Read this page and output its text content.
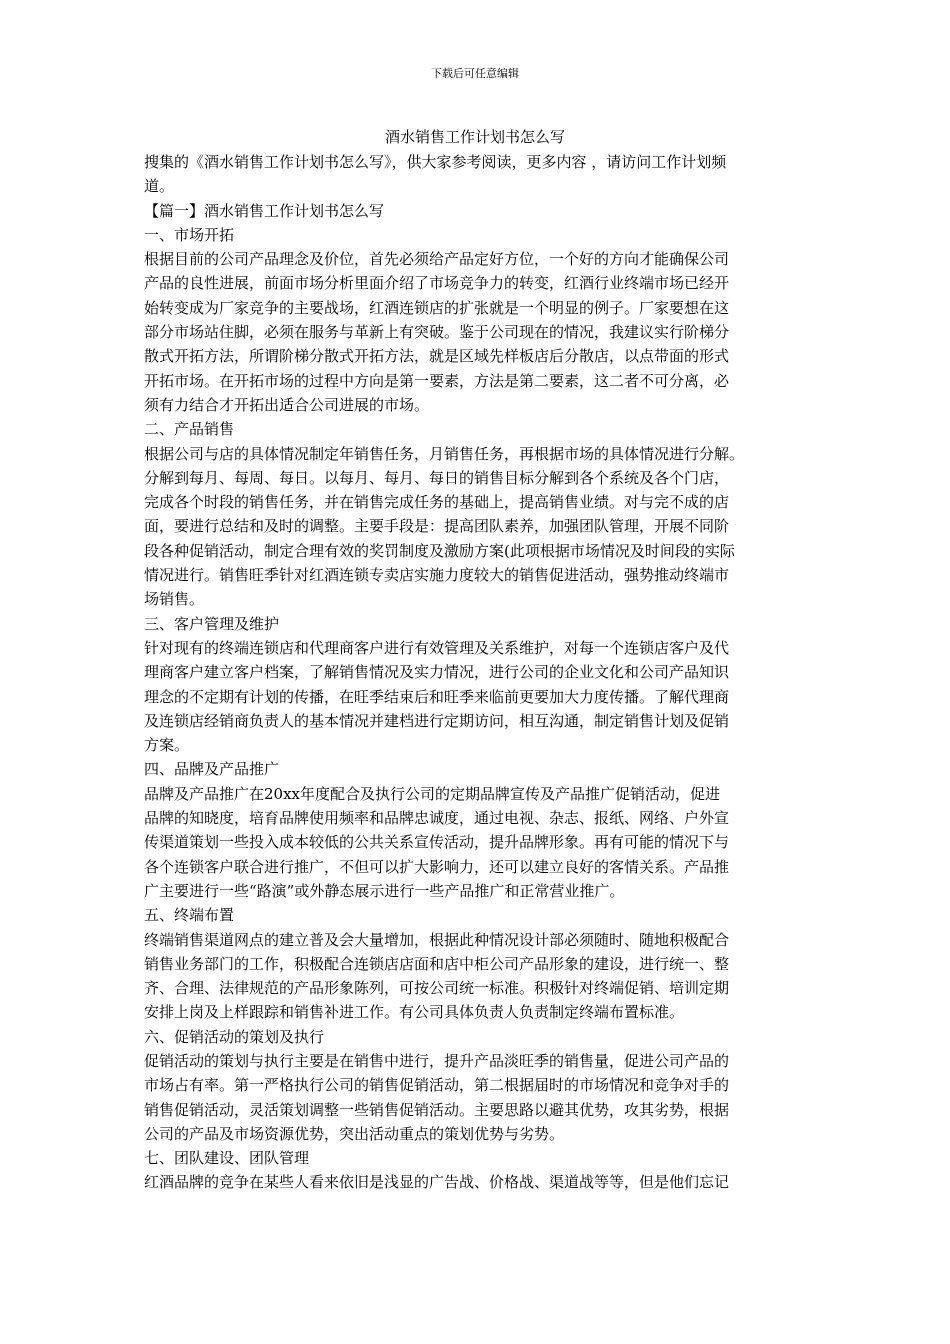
下载后可任意编辑
酒水销售工作计划书怎么写
搜集的《酒水销售工作计划书怎么写》，供大家参考阅读，更多内容 ，请访问工作计划频
道。
【篇一】酒水销售工作计划书怎么写
一、市场开拓
根据目前的公司产品理念及价位，首先必须给产品定好方位，一个好的方向才能确保公司
产品的良性进展，前面市场分析里面介绍了市场竞争力的转变，红酒行业终端市场已经开
始转变成为厂家竞争的主要战场，红酒连锁店的扩张就是一个明显的例子。厂家要想在这
部分市场站住脚，必须在服务与革新上有突破。鉴于公司现在的情况，我建议实行阶梯分
散式开拓方法，所谓阶梯分散式开拓方法，就是区域先样板店后分散店，以点带面的形式
开拓市场。在开拓市场的过程中方向是第一要素，方法是第二要素，这二者不可分离，必
须有力结合才开拓出适合公司进展的市场。
二、产品销售
根据公司与店的具体情况制定年销售任务，月销售任务，再根据市场的具体情况进行分解。
分解到每月、每周、每日。以每月、每月、每日的销售目标分解到各个系统及各个门店，
完成各个时段的销售任务，并在销售完成任务的基础上，提高销售业绩。对与完不成的店
面，要进行总结和及时的调整。主要手段是：提高团队素养，加强团队管理，开展不同阶
段各种促销活动，制定合理有效的奖罚制度及激励方案(此项根据市场情况及时间段的实际
情况进行。销售旺季针对红酒连锁专卖店实施力度较大的销售促进活动，强势推动终端市
场销售。
三、客户管理及维护
针对现有的终端连锁店和代理商客户进行有效管理及关系维护，对每一个连锁店客户及代
理商客户建立客户档案，了解销售情况及实力情况，进行公司的企业文化和公司产品知识
理念的不定期有计划的传播，在旺季结束后和旺季来临前更要加大力度传播。了解代理商
及连锁店经销商负责人的基本情况并建档进行定期访问，相互沟通，制定销售计划及促销
方案。
四、品牌及产品推广
品牌及产品推广在20xx年度配合及执行公司的定期品牌宣传及产品推广促销活动，促进
品牌的知晓度，培育品牌使用频率和品牌忠诚度，通过电视、杂志、报纸、网络、户外宣
传渠道策划一些投入成本较低的公共关系宣传活动，提升品牌形象。再有可能的情况下与
各个连锁客户联合进行推广，不但可以扩大影响力，还可以建立良好的客情关系。产品推
广主要进行一些“路演”或外静态展示进行一些产品推广和正常营业推广。
五、终端布置
终端销售渠道网点的建立普及会大量增加，根据此种情况设计部必须随时、随地积极配合
销售业务部门的工作，积极配合连锁店店面和店中柜公司产品形象的建设，进行统一、整
齐、合理、法律规范的产品形象陈列，可按公司统一标准。积极针对终端促销、培训定期
安排上岗及上样跟踪和销售补进工作。有公司具体负责人负责制定终端布置标准。
六、促销活动的策划及执行
促销活动的策划与执行主要是在销售中进行，提升产品淡旺季的销售量，促进公司产品的
市场占有率。第一严格执行公司的销售促销活动，第二根据届时的市场情况和竞争对手的
销售促销活动，灵活策划调整一些销售促销活动。主要思路以避其优势，攻其劣势，根据
公司的产品及市场资源优势，突出活动重点的策划优势与劣势。
七、团队建设、团队管理
红酒品牌的竞争在某些人看来依旧是浅显的广告战、价格战、渠道战等等，但是他们忘记
